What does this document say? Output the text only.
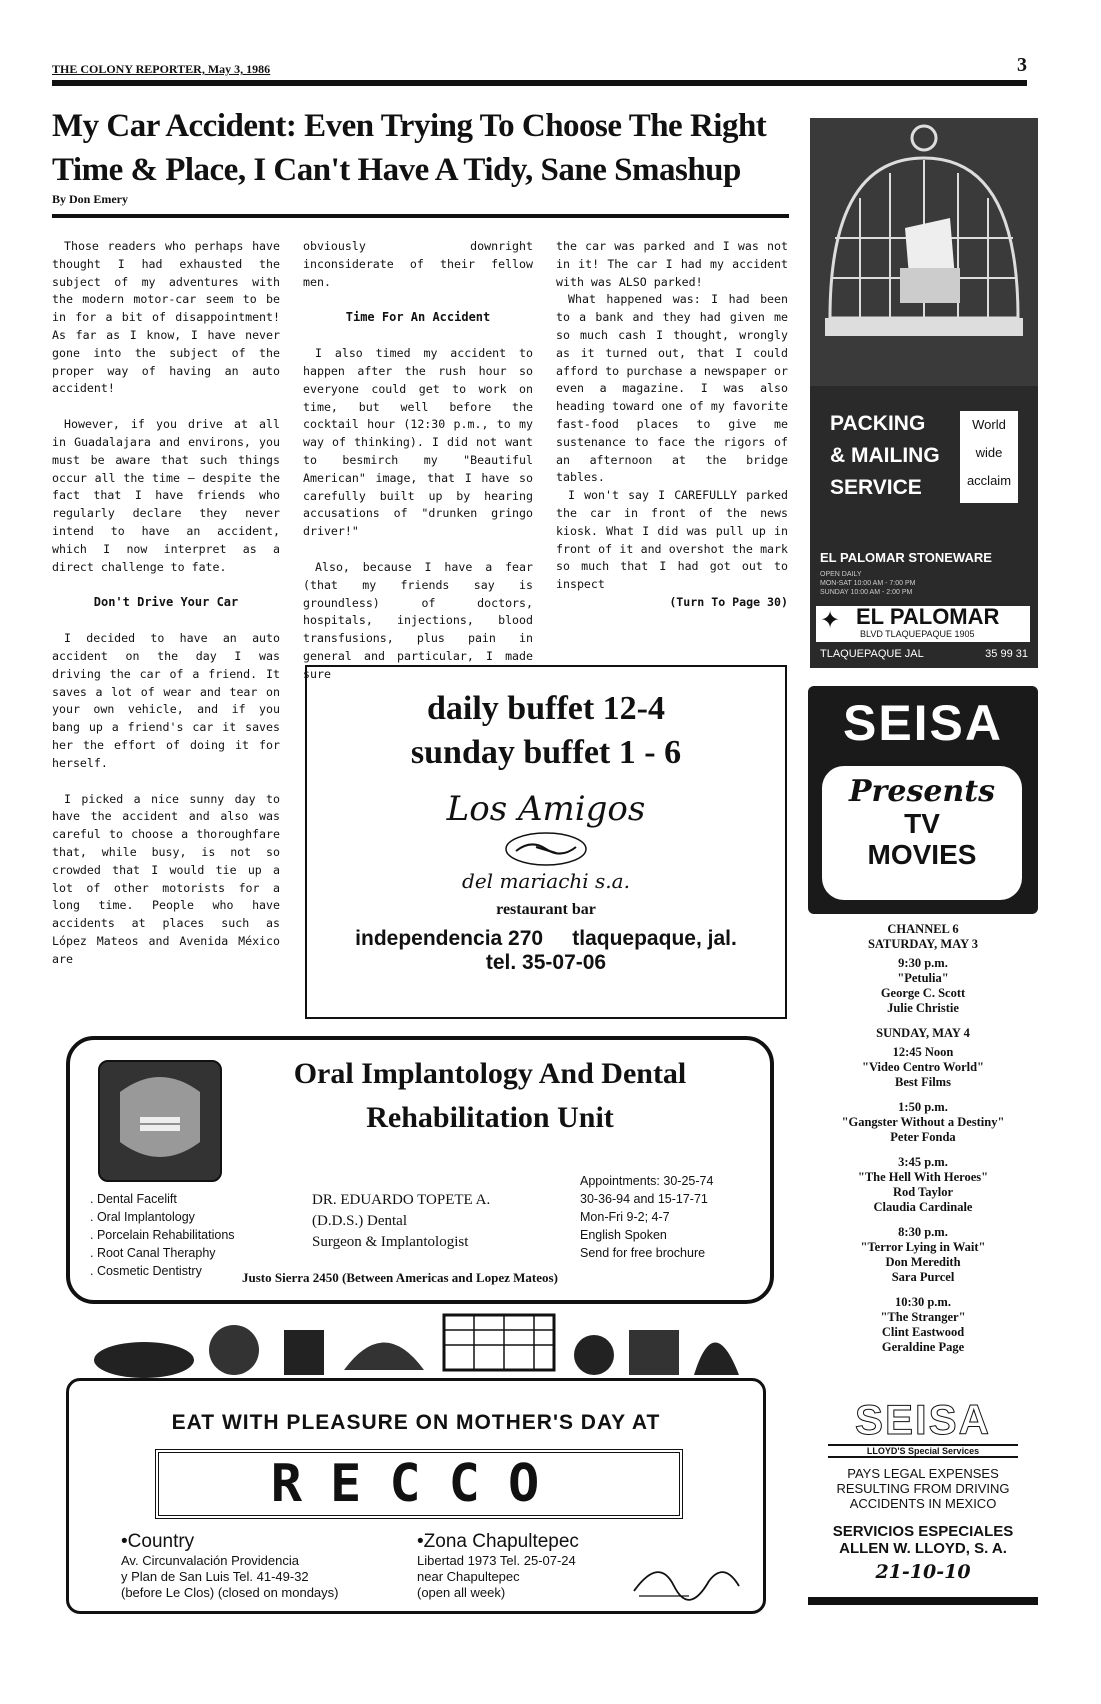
THE COLONY REPORTER, May 3, 1986	3
My Car Accident: Even Trying To Choose The Right Time & Place, I Can't Have A Tidy, Sane Smashup
By Don Emery

Those readers who perhaps have thought I had exhausted the subject of my adventures with the modern motor-car seem to be in for a bit of disappointment! As far as I know, I have never gone into the subject of the proper way of having an auto accident!

However, if you drive at all in Guadalajara and environs, you must be aware that such things occur all the time — despite the fact that I have friends who regularly declare they never intend to have an accident, which I now interpret as a direct challenge to fate.

Don't Drive Your Car

I decided to have an auto accident on the day I was driving the car of a friend. It saves a lot of wear and tear on your own vehicle, and if you bang up a friend's car it saves her the effort of doing it for herself.

I picked a nice sunny day to have the accident and also was careful to choose a thoroughfare that, while busy, is not so crowded that I would tie up a lot of other motorists for a long time. People who have accidents at places such as López Mateos and Avenida México are

obviously downright inconsiderate of their fellow men.

Time For An Accident

I also timed my accident to happen after the rush hour so everyone could get to work on time, but well before the cocktail hour (12:30 p.m., to my way of thinking). I did not want to besmirch my "Beautiful American" image, that I have so carefully built up by hearing accusations of "drunken gringo driver!"

Also, because I have a fear (that my friends say is groundless) of doctors, hospitals, injections, blood transfusions, plus pain in general and particular, I made sure

the car was parked and I was not in it! The car I had my accident with was ALSO parked!

What happened was: I had been to a bank and they had given me so much cash I thought, wrongly as it turned out, that I could afford to purchase a newspaper or even a magazine. I was also heading toward one of my favorite fast-food places to give me sustenance to face the rigors of an afternoon at the bridge tables.

I won't say I CAREFULLY parked the car in front of the news kiosk. What I did was pull up in front of it and overshot the mark so much that I had got out to inspect

(Turn To Page 30)
daily buffet 12-4
sunday buffet 1 - 6
Los Amigos
del mariachi s.a.
restaurant bar
independencia 270 tlaquepaque, jal.
tel. 35-07-06
Oral Implantology And Dental
Rehabilitation Unit
. Dental Facelift
. Oral Implantology
. Porcelain Rehabilitations
. Root Canal Theraphy
. Cosmetic Dentistry
DR. EDUARDO TOPETE A.
(D.D.S.) Dental
Surgeon & Implantologist
Appointments: 30-25-74
30-36-94 and 15-17-71
Mon-Fri 9-2; 4-7
English Spoken
Send for free brochure
Justo Sierra 2450 (Between Americas and Lopez Mateos)
EAT WITH PLEASURE ON MOTHER'S DAY AT
RECCO
•Country
Av. Circunvalación Providencia
y Plan de San Luis Tel. 41-49-32
(before Le Clos) (closed on mondays)
•Zona Chapultepec
Libertad 1973 Tel. 25-07-24
near Chapultepec
(open all week)
PACKING
& MAILING
SERVICE
World
wide
acclaim
EL PALOMAR STONEWARE
OPEN DAILY
MON-SAT 10:00 AM - 7:00 PM
SUNDAY 10:00 AM - 2:00 PM
✦ EL PALOMAR
BLVD TLAQUEPAQUE 1905
TLAQUEPAQUE JAL	35 99 31
SEISA
Presents
TV
MOVIES
CHANNEL 6
SATURDAY, MAY 3
9:30 p.m.
"Petulia"
George C. Scott
Julie Christie
SUNDAY, MAY 4
12:45 Noon
"Video Centro World"
Best Films
1:50 p.m.
"Gangster Without a Destiny"
Peter Fonda
3:45 p.m.
"The Hell With Heroes"
Rod Taylor
Claudia Cardinale
8:30 p.m.
"Terror Lying in Wait"
Don Meredith
Sara Purcel
10:30 p.m.
"The Stranger"
Clint Eastwood
Geraldine Page
SEISA
LLOYD'S Special Services
PAYS LEGAL EXPENSES
RESULTING FROM DRIVING
ACCIDENTS IN MEXICO
SERVICIOS ESPECIALES
ALLEN W. LLOYD, S. A.
21-10-10
